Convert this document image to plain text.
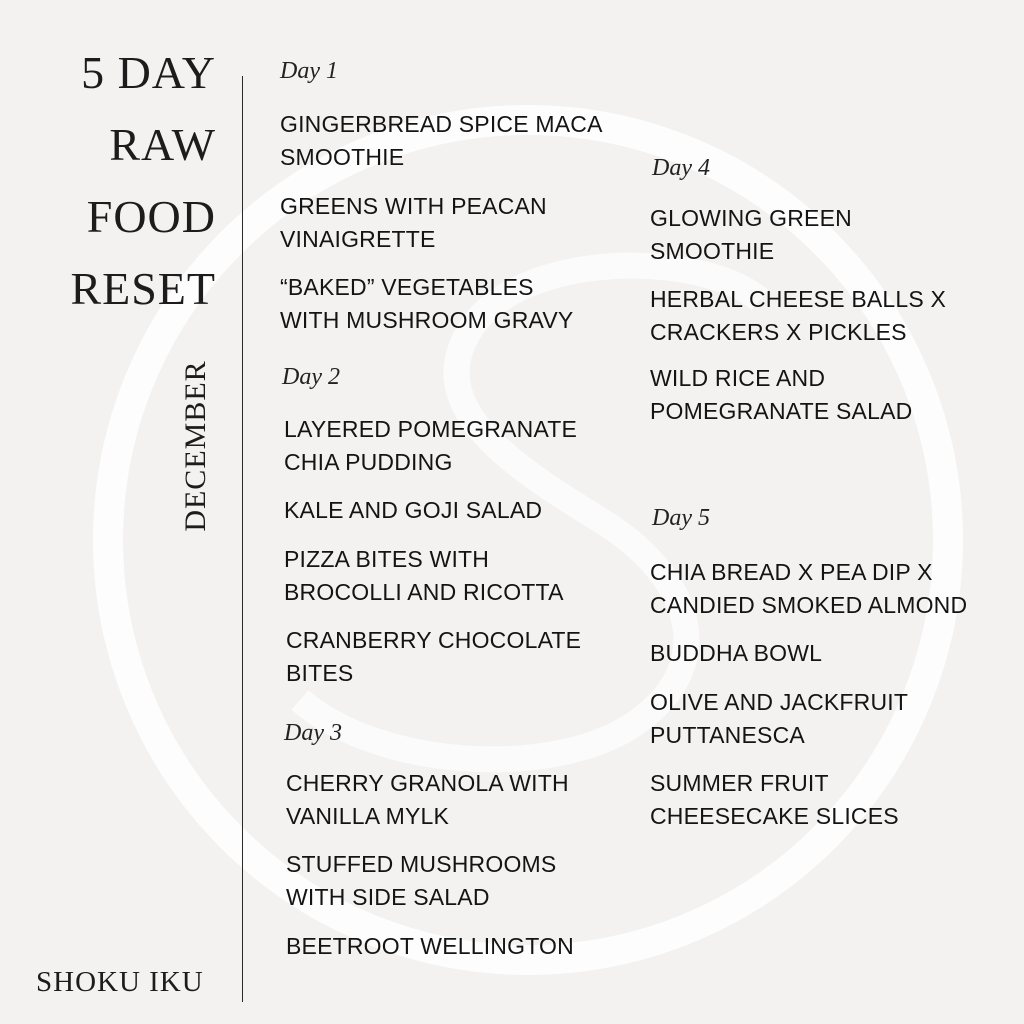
5 DAY
RAW
FOOD
RESET
DECEMBER
SHOKU IKU
Day 1

GINGERBREAD SPICE MACA

SMOOTHIE

GREENS WITH PEACAN

VINAIGRETTE

“BAKED” VEGETABLES

WITH MUSHROOM GRAVY

Day 2

LAYERED POMEGRANATE

CHIA PUDDING

KALE AND GOJI SALAD

PIZZA BITES WITH

BROCOLLI AND RICOTTA

CRANBERRY CHOCOLATE

BITES

Day 3

CHERRY GRANOLA WITH

VANILLA MYLK

STUFFED MUSHROOMS

WITH SIDE SALAD

BEETROOT WELLINGTON

Day 4

GLOWING GREEN

SMOOTHIE

HERBAL CHEESE BALLS X

CRACKERS X PICKLES

WILD RICE AND

POMEGRANATE SALAD

Day 5

CHIA BREAD X PEA DIP X

CANDIED SMOKED ALMOND

BUDDHA BOWL

OLIVE AND JACKFRUIT

PUTTANESCA

SUMMER FRUIT

CHEESECAKE SLICES
